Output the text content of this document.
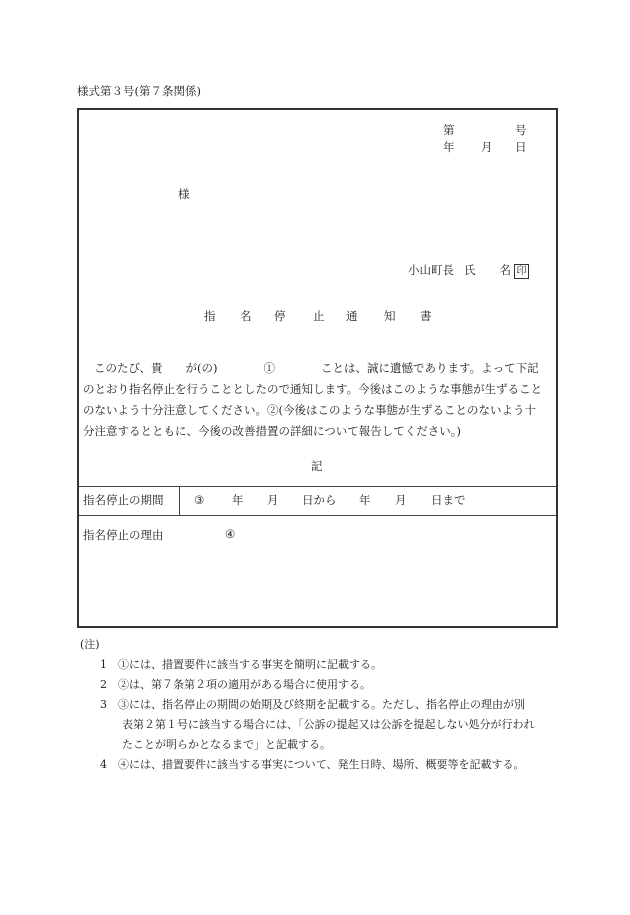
様式第３号(第７条関係)
第	号
年 月 日
様
小山町長 氏 名 印
指 名 停 止 通 知 書
このたび、貴　　が(の)　　　　①　　　　ことは、誠に遺憾であります。よって下記
のとおり指名停止を行うこととしたので通知します。今後はこのような事態が生ずること
のないよう十分注意してください。②(今後はこのような事態が生ずることのないよう十
分注意するとともに、今後の改善措置の詳細について報告してください。)
記
指名停止の期間	③ 年 月 日から 年 月 日まで
指名停止の理由	④
(注)
1　①には、措置要件に該当する事実を簡明に記載する。
2　②は、第７条第２項の適用がある場合に使用する。
3　③には、指名停止の期間の始期及び終期を記載する。ただし、指名停止の理由が別
　　表第２第１号に該当する場合には、「公訴の提起又は公訴を提起しない処分が行われ
　　たことが明らかとなるまで」と記載する。
4　④には、措置要件に該当する事実について、発生日時、場所、概要等を記載する。
